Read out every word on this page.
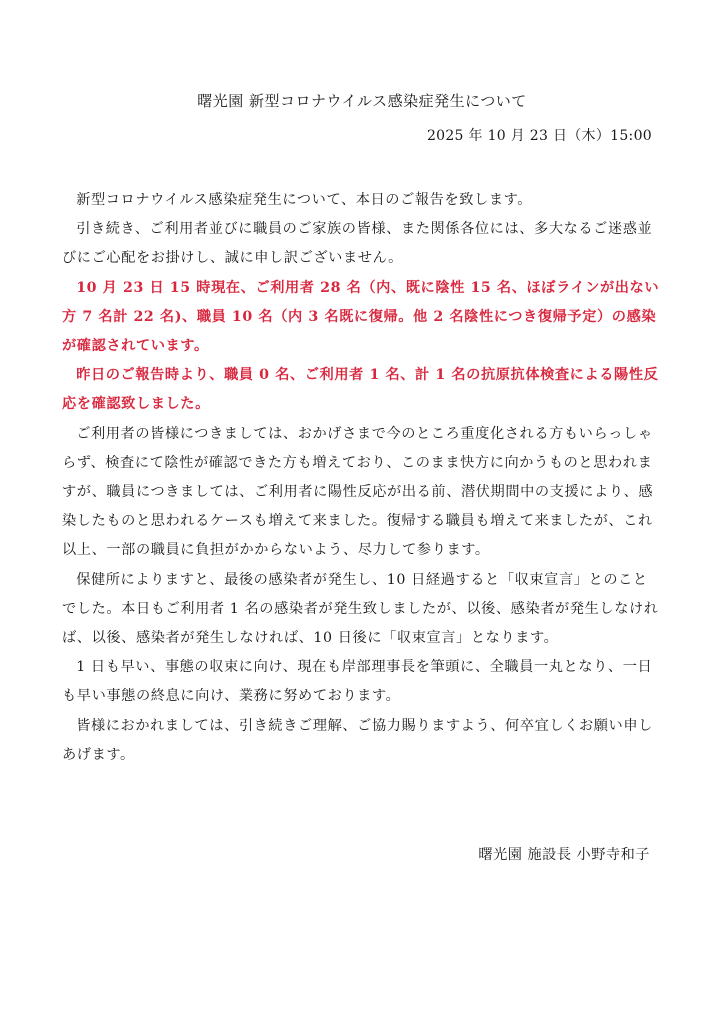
曙光園 新型コロナウイルス感染症発生について
2025 年 10 月 23 日（木）15:00

新型コロナウイルス感染症発生について、本日のご報告を致します。

引き続き、ご利用者並びに職員のご家族の皆様、また関係各位には、多大なるご迷惑並びにご心配をお掛けし、誠に申し訳ございません。

10 月 23 日 15 時現在、ご利用者 28 名（内、既に陰性 15 名、ほぼラインが出ない方 7 名計 22 名)、職員 10 名（内 3 名既に復帰。他 2 名陰性につき復帰予定）の感染が確認されています。

昨日のご報告時より、職員 0 名、ご利用者 1 名、計 1 名の抗原抗体検査による陽性反応を確認致しました。

ご利用者の皆様につきましては、おかげさまで今のところ重度化される方もいらっしゃらず、検査にて陰性が確認できた方も増えており、このまま快方に向かうものと思われますが、職員につきましては、ご利用者に陽性反応が出る前、潜伏期間中の支援により、感染したものと思われるケースも増えて来ました。復帰する職員も増えて来ましたが、これ以上、一部の職員に負担がかからないよう、尽力して参ります。

保健所によりますと、最後の感染者が発生し、10 日経過すると「収束宣言」とのことでした。本日もご利用者 1 名の感染者が発生致しましたが、以後、感染者が発生しなければ、以後、感染者が発生しなければ、10 日後に「収束宣言」となります。

1 日も早い、事態の収束に向け、現在も岸部理事長を筆頭に、全職員一丸となり、一日も早い事態の終息に向け、業務に努めております。

皆様におかれましては、引き続きご理解、ご協力賜りますよう、何卒宜しくお願い申しあげます。

曙光園 施設長 小野寺和子
